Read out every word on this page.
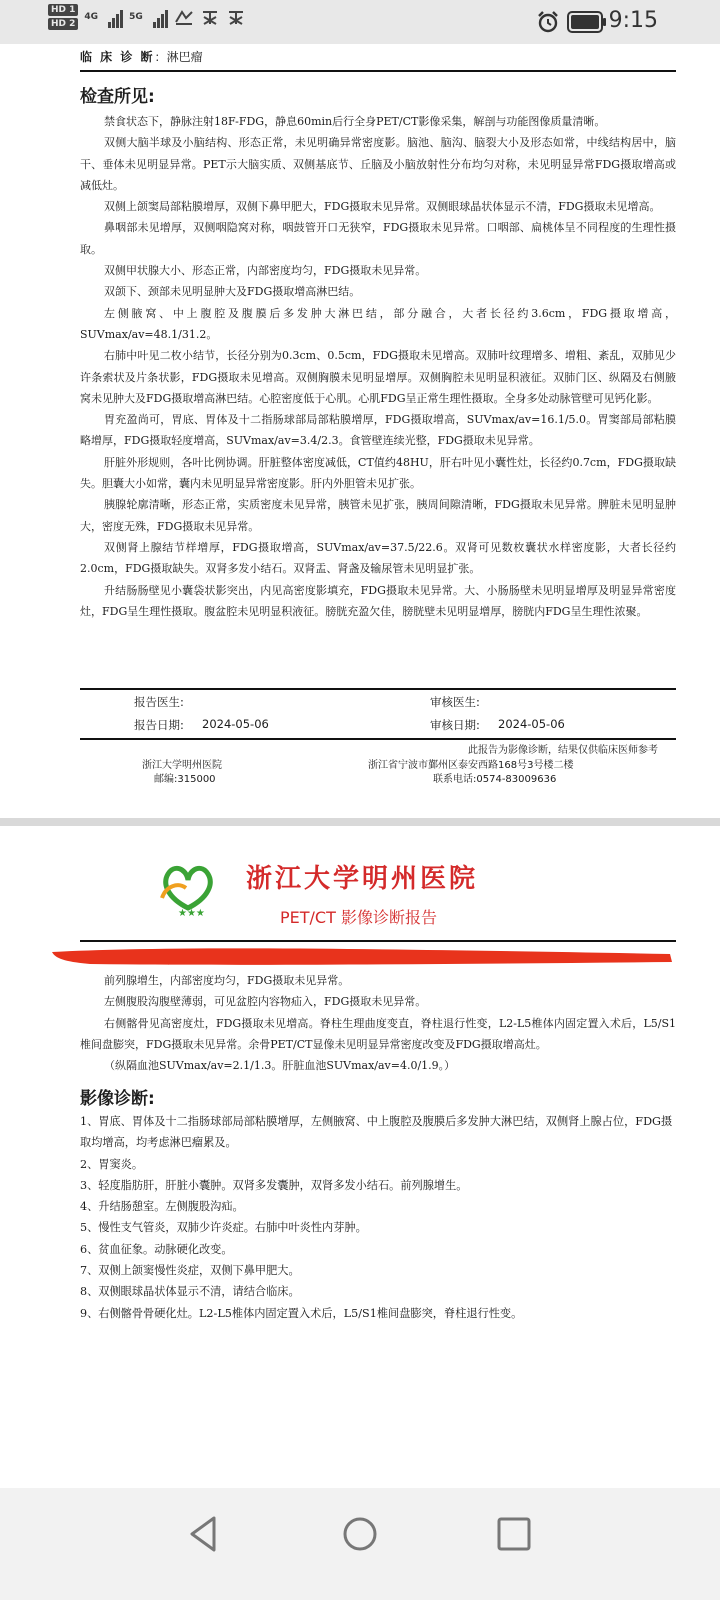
HD 1
HD 2
4G	5G	9:15
临 床 诊 断：淋巴瘤
检查所见:

禁食状态下，静脉注射18F-FDG，静息60min后行全身PET/CT影像采集，解剖与功能图像质量清晰。

双侧大脑半球及小脑结构、形态正常，未见明确异常密度影。脑池、脑沟、脑裂大小及形态如常，中线结构居中，脑干、垂体未见明显异常。PET示大脑实质、双侧基底节、丘脑及小脑放射性分布均匀对称，未见明显异常FDG摄取增高或减低灶。

双侧上颌窦局部粘膜增厚，双侧下鼻甲肥大，FDG摄取未见异常。双侧眼球晶状体显示不清，FDG摄取未见增高。

鼻咽部未见增厚，双侧咽隐窝对称，咽鼓管开口无狭窄，FDG摄取未见异常。口咽部、扁桃体呈不同程度的生理性摄取。

双侧甲状腺大小、形态正常，内部密度均匀，FDG摄取未见异常。

双颌下、颈部未见明显肿大及FDG摄取增高淋巴结。

左侧腋窝、中上腹腔及腹膜后多发肿大淋巴结，部分融合，大者长径约3.6cm，FDG摄取增高，SUVmax/av=48.1/31.2。

右肺中叶见二枚小结节，长径分别为0.3cm、0.5cm，FDG摄取未见增高。双肺叶纹理增多、增粗、紊乱，双肺见少许条索状及片条状影，FDG摄取未见增高。双侧胸膜未见明显增厚。双侧胸腔未见明显积液征。双肺门区、纵隔及右侧腋窝未见肿大及FDG摄取增高淋巴结。心腔密度低于心肌。心肌FDG呈正常生理性摄取。全身多处动脉管壁可见钙化影。

胃充盈尚可，胃底、胃体及十二指肠球部局部粘膜增厚，FDG摄取增高，SUVmax/av=16.1/5.0。胃窦部局部粘膜略增厚，FDG摄取轻度增高，SUVmax/av=3.4/2.3。食管壁连续光整，FDG摄取未见异常。

肝脏外形规则，各叶比例协调。肝脏整体密度减低，CT值约48HU，肝右叶见小囊性灶，长径约0.7cm，FDG摄取缺失。胆囊大小如常，囊内未见明显异常密度影。肝内外胆管未见扩张。

胰腺轮廓清晰，形态正常，实质密度未见异常，胰管未见扩张，胰周间隙清晰，FDG摄取未见异常。脾脏未见明显肿大，密度无殊，FDG摄取未见异常。

双侧肾上腺结节样增厚，FDG摄取增高，SUVmax/av=37.5/22.6。双肾可见数枚囊状水样密度影，大者长径约2.0cm，FDG摄取缺失。双肾多发小结石。双肾盂、肾盏及输尿管未见明显扩张。

升结肠肠壁见小囊袋状影突出，内见高密度影填充，FDG摄取未见异常。大、小肠肠壁未见明显增厚及明显异常密度灶，FDG呈生理性摄取。腹盆腔未见明显积液征。膀胱充盈欠佳，膀胱壁未见明显增厚，膀胱内FDG呈生理性浓聚。

报告医生:	审核医生:
报告日期: 2024-05-06	审核日期: 2024-05-06
此报告为影像诊断，结果仅供临床医师参考
浙江大学明州医院
邮编:315000
浙江省宁波市鄞州区泰安西路168号3号楼二楼
联系电话:0574-83009636
★★★
浙江大学明州医院
PET/CT 影像诊断报告

前列腺增生，内部密度均匀，FDG摄取未见异常。

左侧腹股沟腹壁薄弱，可见盆腔内容物疝入，FDG摄取未见异常。

右侧髂骨见高密度灶，FDG摄取未见增高。脊柱生理曲度变直，脊柱退行性变，L2-L5椎体内固定置入术后，L5/S1椎间盘膨突，FDG摄取未见异常。余骨PET/CT显像未见明显异常密度改变及FDG摄取增高灶。

（纵隔血池SUVmax/av=2.1/1.3。肝脏血池SUVmax/av=4.0/1.9。）

影像诊断:

1、胃底、胃体及十二指肠球部局部粘膜增厚，左侧腋窝、中上腹腔及腹膜后多发肿大淋巴结，双侧肾上腺占位，FDG摄取均增高，均考虑淋巴瘤累及。

2、胃窦炎。

3、轻度脂肪肝，肝脏小囊肿。双肾多发囊肿，双肾多发小结石。前列腺增生。

4、升结肠憩室。左侧腹股沟疝。

5、慢性支气管炎，双肺少许炎症。右肺中叶炎性内芽肿。

6、贫血征象。动脉硬化改变。

7、双侧上颌窦慢性炎症，双侧下鼻甲肥大。

8、双侧眼球晶状体显示不清，请结合临床。

9、右侧髂骨骨硬化灶。L2-L5椎体内固定置入术后，L5/S1椎间盘膨突，脊柱退行性变。
